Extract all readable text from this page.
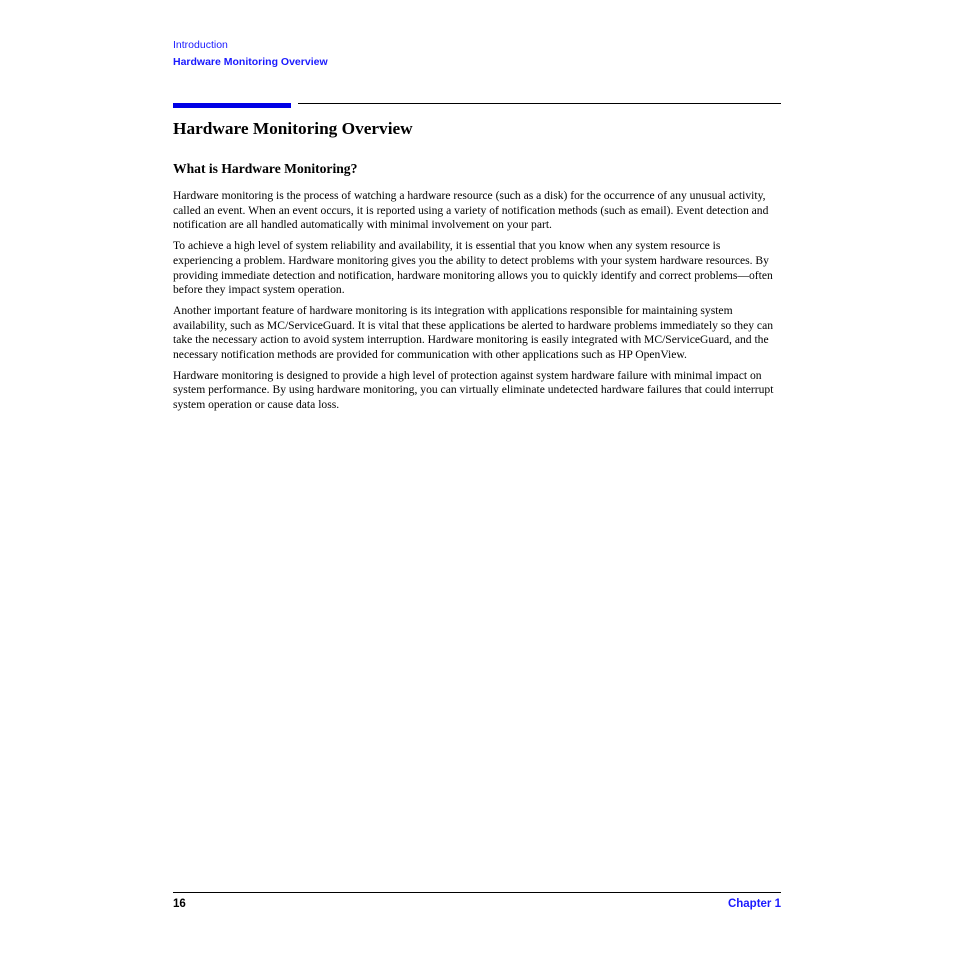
Introduction
Hardware Monitoring Overview
Hardware Monitoring Overview
What is Hardware Monitoring?

Hardware monitoring is the process of watching a hardware resource (such as a disk) for the occurrence of any unusual activity, called an event. When an event occurs, it is reported using a variety of notification methods (such as email). Event detection and notification are all handled automatically with minimal involvement on your part.

To achieve a high level of system reliability and availability, it is essential that you know when any system resource is experiencing a problem. Hardware monitoring gives you the ability to detect problems with your system hardware resources. By providing immediate detection and notification, hardware monitoring allows you to quickly identify and correct problems—often before they impact system operation.

Another important feature of hardware monitoring is its integration with applications responsible for maintaining system availability, such as MC/ServiceGuard. It is vital that these applications be alerted to hardware problems immediately so they can take the necessary action to avoid system interruption. Hardware monitoring is easily integrated with MC/ServiceGuard, and the necessary notification methods are provided for communication with other applications such as HP OpenView.

Hardware monitoring is designed to provide a high level of protection against system hardware failure with minimal impact on system performance. By using hardware monitoring, you can virtually eliminate undetected hardware failures that could interrupt system operation or cause data loss.

16	Chapter 1
